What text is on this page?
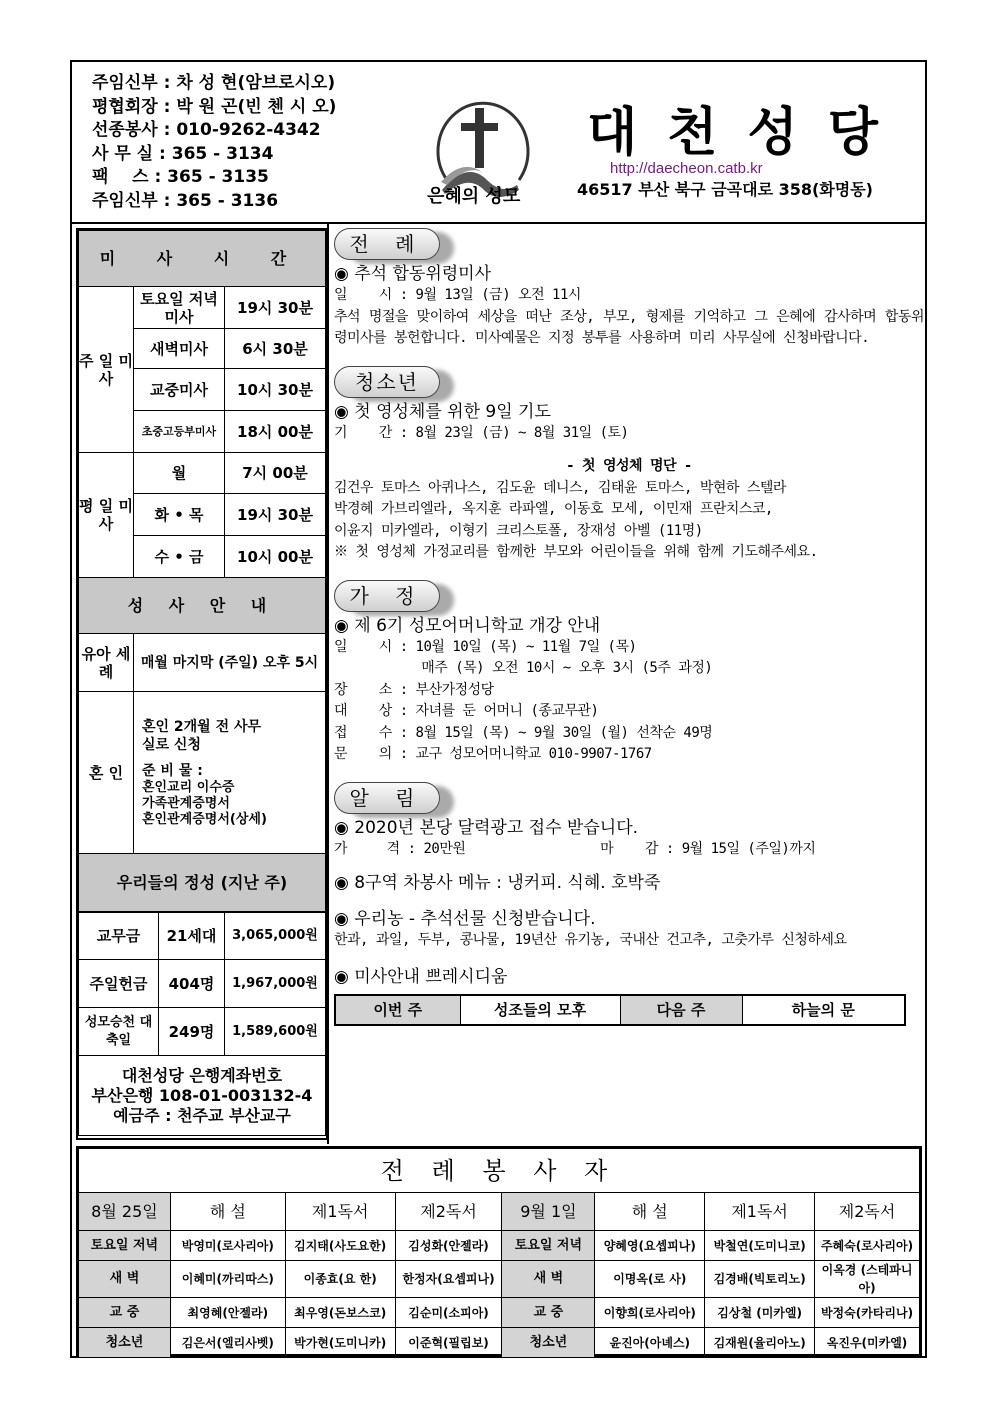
주임신부 : 차 성 현(암브로시오)
평협회장 : 박 원 곤(빈 첸 시 오)
선종봉사 : 010-9262-4342
사 무 실 : 365 - 3134
팩    스 : 365 - 3135
주임신부 : 365 - 3136	은혜의 성모
대천성당
http://daecheon.catb.kr
46517 부산 북구 금곡대로 358(화명동)
미 사 시 간		
주 일 미 사	토요일 저녁미사	19시 30분
	새벽미사	6시 30분
	교중미사	10시 30분
	초중고등부미사	18시 00분
평 일 미 사	월	7시 00분
	화 • 목	19시 30분
	수 • 금	10시 00분
성 사 안 내		
유아 세례	매월 마지막 (주일) 오후 5시	
혼 인	혼인 2개월 전 사무실로 신청
준 비 물 :
혼인교리 이수증
가족관계증명서
혼인관계증명서(상세)	

우리들의 정성 (지난 주)		
교무금	21세대	3,065,000원
주일헌금	404명	1,967,000원
성모승천 대축일	249명	1,589,600원

대천성당 은행계좌번호
부산은행 108-01-003132-4
예금주 : 천주교 부산교구		
전 례
◉ 추석 합동위령미사
일    시 : 9월 13일 (금) 오전 11시
추석 명절을 맞이하여 세상을 떠난 조상, 부모, 형제를 기억하고 그 은혜에 감사하며 합동위령미사를 봉헌합니다. 미사예물은 지정 봉투를 사용하며 미리 사무실에 신청바랍니다.
청소년
◉ 첫 영성체를 위한 9일 기도
기    간 : 8월 23일 (금) ~ 8월 31일 (토)
- 첫 영성체 명단 -
김건우 토마스 아퀴나스, 김도윤 데니스, 김태윤 토마스, 박현하 스텔라
박경혜 가브리엘라, 옥지훈 라파엘, 이동호 모세, 이민재 프란치스코,
이윤지 미카엘라, 이형기 크리스토폴, 장재성 아벨 (11명)
※ 첫 영성체 가정교리를 함께한 부모와 어린이들을 위해 함께 기도해주세요.
가 정
◉ 제 6기 성모어머니학교 개강 안내
일    시 : 10월 10일 (목) ~ 11월 7일 (목)
매주 (목) 오전 10시 ~ 오후 3시 (5주 과정)
장    소 : 부산가정성당
대    상 : 자녀를 둔 어머니 (종교무관)
접    수 : 8월 15일 (목) ~ 9월 30일 (월) 선착순 49명
문    의 : 교구 성모어머니학교 010-9907-1767
알 림
◉ 2020년 본당 달력광고 접수 받습니다.
가     격 : 20만원                 마    감 : 9월 15일 (주일)까지
◉ 8구역 차봉사 메뉴 : 냉커피. 식혜. 호박죽
◉ 우리농 - 추석선물 신청받습니다.
한과, 과일, 두부, 콩나물, 19년산 유기농, 국내산 건고추, 고춧가루 신청하세요
◉ 미사안내 쁘레시디움
이번 주	성조들의 모후	다음 주	하늘의 문
전 례 봉 사 자							
8월 25일	해 설	제1독서	제2독서	9월 1일	해 설	제1독서	제2독서
토요일 저녁	박영미(로사리아)	김지태(사도요한)	김성화(안젤라)	토요일 저녁	양혜영(요셉피나)	박철연(도미니코)	주혜숙(로사리아)
새 벽	이혜미(까리따스)	이종효(요 한)	한정자(요셉피나)	새 벽	이명옥(로 사)	김경배(빅토리노)	이옥경 (스테파니아)
교 중	최영혜(안젤라)	최우영(돈보스코)	김순미(소피아)	교 중	이향희(로사리아)	김상철 (미카엘)	박정숙(카타리나)
청소년	김은서(엘리사벳)	박가현(도미니카)	이준혁(필립보)	청소년	윤진아(아녜스)	김재원(율리아노)	옥진우(미카엘)
